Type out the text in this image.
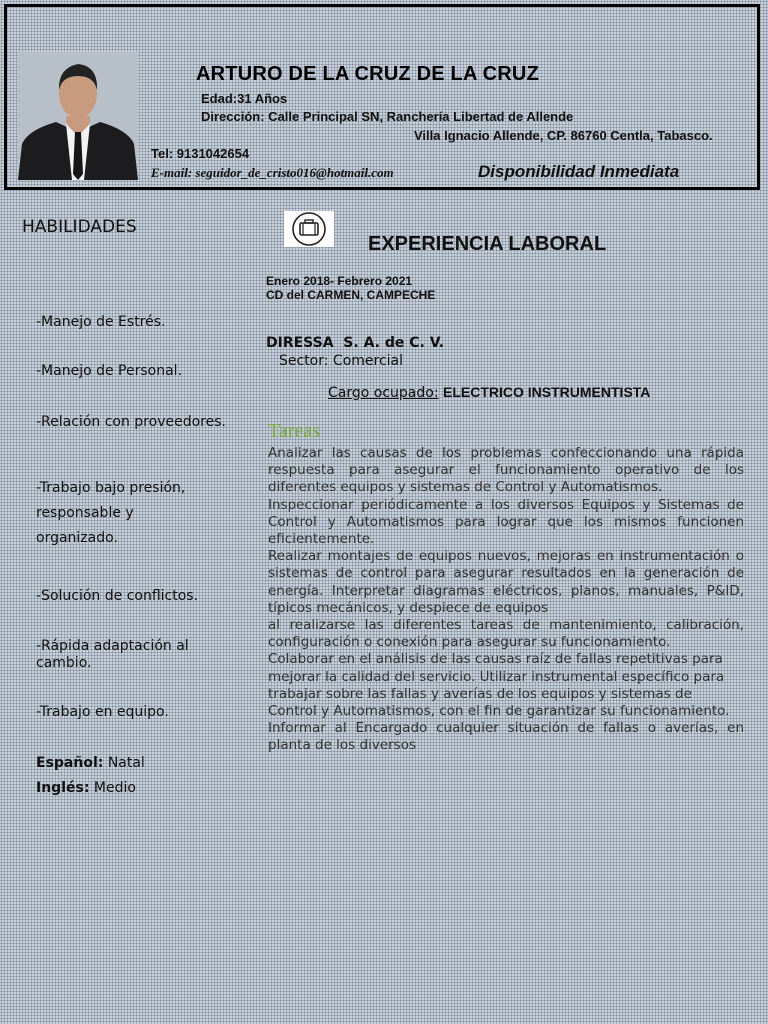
ARTURO DE LA CRUZ DE LA CRUZ
Edad:31 Años
Dirección: Calle Principal SN, Ranchería Libertad de Allende
Villa Ignacio Allende, CP. 86760 Centla, Tabasco.
Tel: 9131042654
E-mail: seguidor_de_cristo016@hotmail.com	Disponibilidad Inmediata
HABILIDADES
-Manejo de Estrés.
-Manejo de Personal.
-Relación con proveedores.
-Trabajo bajo presión, responsable y organizado.
-Solución de conflictos.
-Rápida adaptación al cambio.
-Trabajo en equipo.
Español: Natal
Inglés: Medio
EXPERIENCIA LABORAL
Enero 2018- Febrero 2021
CD del CARMEN, CAMPECHE
DIRESSA  S. A. de C. V.
Sector: Comercial
Cargo ocupado: ELECTRICO INSTRUMENTISTA
Tareas

Analizar las causas de los problemas confeccionando una rápida respuesta para asegurar el funcionamiento operativo de los diferentes equipos y sistemas de Control y Automatismos.

Inspeccionar periódicamente a los diversos Equipos y Sistemas de Control y Automatismos para lograr que los mismos funcionen eficientemente.

Realizar montajes de equipos nuevos, mejoras en instrumentación o sistemas de control para asegurar resultados en la generación de energía. Interpretar diagramas eléctricos, planos, manuales, P&ID, típicos mecánicos, y despiece de equipos

al realizarse las diferentes tareas de mantenimiento, calibración, configuración o conexión para asegurar su funcionamiento.

Colaborar en el análisis de las causas raíz de fallas repetitivas para mejorar la calidad del servicio. Utilizar instrumental específico para trabajar sobre las fallas y averías de los equipos y sistemas de Control y Automatismos, con el fin de garantizar su funcionamiento.

Informar al Encargado cualquier situación de fallas o averías, en planta de los diversos
